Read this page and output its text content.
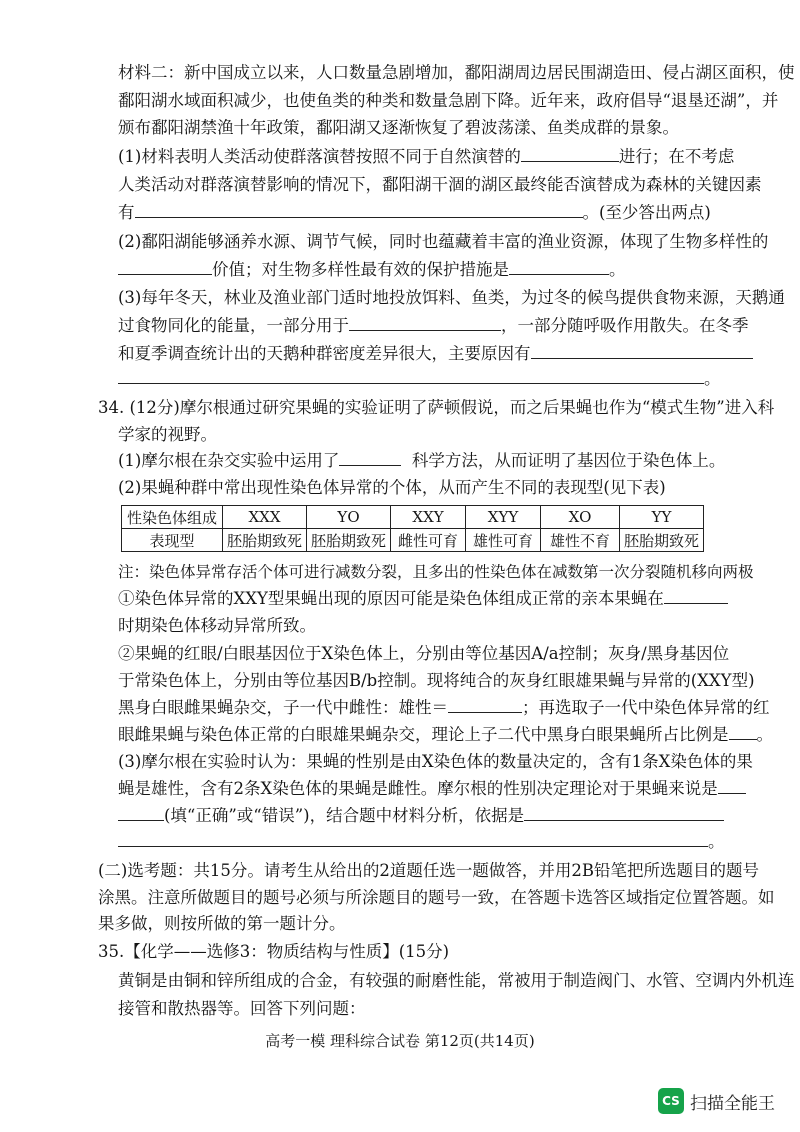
材料二：新中国成立以来，人口数量急剧增加，鄱阳湖周边居民围湖造田、侵占湖区面积，使
鄱阳湖水域面积减少，也使鱼类的种类和数量急剧下降。近年来，政府倡导“退垦还湖”，并
颁布鄱阳湖禁渔十年政策，鄱阳湖又逐渐恢复了碧波荡漾、鱼类成群的景象。
(1)材料表明人类活动使群落演替按照不同于自然演替的	进行；在不考虑
人类活动对群落演替影响的情况下，鄱阳湖干涸的湖区最终能否演替成为森林的关键因素
有	。(至少答出两点)
(2)鄱阳湖能够涵养水源、调节气候，同时也蕴藏着丰富的渔业资源，体现了生物多样性的
价值；对生物多样性最有效的保护措施是	。
(3)每年冬天，林业及渔业部门适时地投放饵料、鱼类，为过冬的候鸟提供食物来源，天鹅通
过食物同化的能量，一部分用于	，一部分随呼吸作用散失。在冬季
和夏季调查统计出的天鹅种群密度差异很大，主要原因有
。
34. (12分)摩尔根通过研究果蝇的实验证明了萨顿假说，而之后果蝇也作为“模式生物”进入科
学家的视野。
(1)摩尔根在杂交实验中运用了	科学方法，从而证明了基因位于染色体上。
(2)果蝇种群中常出现性染色体异常的个体，从而产生不同的表现型(见下表)
性染色体组成	XXX	YO	XXY	XYY	XO	YY
表现型	胚胎期致死	胚胎期致死	雌性可育	雄性可育	雄性不育	胚胎期致死
注：染色体异常存活个体可进行减数分裂，且多出的性染色体在减数第一次分裂随机移向两极
①染色体异常的XXY型果蝇出现的原因可能是染色体组成正常的亲本果蝇在
时期染色体移动异常所致。
②果蝇的红眼/白眼基因位于X染色体上，分别由等位基因A/a控制；灰身/黑身基因位
于常染色体上，分别由等位基因B/b控制。现将纯合的灰身红眼雄果蝇与异常的(XXY型)
黑身白眼雌果蝇杂交，子一代中雌性：雄性＝	；再选取子一代中染色体异常的红
眼雌果蝇与染色体正常的白眼雄果蝇杂交，理论上子二代中黑身白眼果蝇所占比例是 。
(3)摩尔根在实验时认为：果蝇的性别是由X染色体的数量决定的，含有1条X染色体的果
蝇是雄性，含有2条X染色体的果蝇是雌性。摩尔根的性别决定理论对于果蝇来说是
(填“正确”或“错误”)，结合题中材料分析，依据是
。
(二)选考题：共15分。请考生从给出的2道题任选一题做答，并用2B铅笔把所选题目的题号
涂黑。注意所做题目的题号必须与所涂题目的题号一致，在答题卡选答区域指定位置答题。如
果多做，则按所做的第一题计分。
35.【化学——选修3：物质结构与性质】(15分)
黄铜是由铜和锌所组成的合金，有较强的耐磨性能，常被用于制造阀门、水管、空调内外机连
接管和散热器等。回答下列问题：
高考一模 理科综合试卷 第12页(共14页)
CS 扫描全能王
